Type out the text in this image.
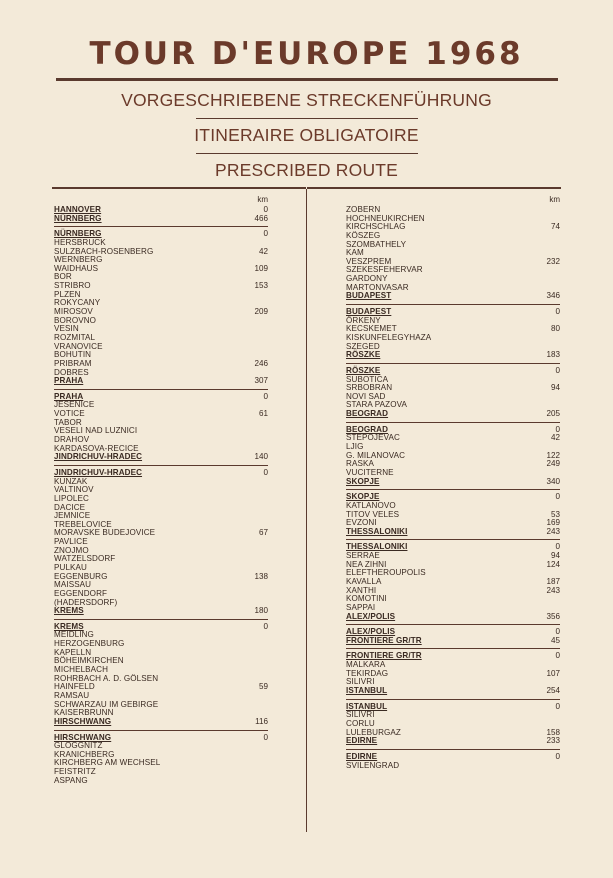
TOUR D'EUROPE 1968
VORGESCHRIEBENE STRECKENFÜHRUNG
ITINERAIRE OBLIGATOIRE
PRESCRIBED ROUTE
km
HANNOVER	0
NÜRNBERG	466
NÜRNBERG	0
HERSBRUCK
SULZBACH-ROSENBERG	42
WERNBERG
WAIDHAUS	109
BOR
STRIBRO	153
PLZEN
ROKYCANY
MIROSOV	209
BOROVNO
VESIN
ROZMITAL
VRANOVICE
BOHUTIN
PRIBRAM	246
DOBRES
PRAHA	307
PRAHA	0
JESENICE
VOTICE	61
TABOR
VESELI NAD LUZNICI
DRAHOV
KARDASOVA-RECICE
JINDRICHUV-HRADEC	140
JINDRICHUV-HRADEC	0
KUNZAK
VALTINOV
LIPOLEC
DACICE
JEMNICE
TREBELOVICE
MORAVSKE BUDEJOVICE	67
PAVLICE
ZNOJMO
WATZELSDORF
PULKAU
EGGENBURG	138
MAISSAU
EGGENDORF
(HADERSDORF)
KREMS	180
KREMS	0
MEIDLING
HERZOGENBURG
KAPELLN
BÖHEIMKIRCHEN
MICHELBACH
ROHRBACH A. D. GÖLSEN
HAINFELD	59
RAMSAU
SCHWARZAU IM GEBIRGE
KAISERBRUNN
HIRSCHWANG	116
HIRSCHWANG	0
GLOGGNITZ
KRANICHBERG
KIRCHBERG AM WECHSEL
FEISTRITZ
ASPANG
km
ZOBERN
HOCHNEUKIRCHEN
KIRCHSCHLAG	74
KÖSZEG
SZOMBATHELY
KAM
VESZPREM	232
SZEKESFEHERVAR
GARDONY
MARTONVASAR
BUDAPEST	346
BUDAPEST	0
ÖRKENY
KECSKEMET	80
KISKUNFELEGYHAZA
SZEGED
RÖSZKE	183
RÖSZKE	0
SUBOTICA
SRBOBRAN	94
NOVI SAD
STARA PAZOVA
BEOGRAD	205
BEOGRAD	0
STEPOJEVAC	42
LJIG
G. MILANOVAC	122
RASKA	249
VUCITERNE
SKOPJE	340
SKOPJE	0
KATLANOVO
TITOV VELES	53
EVZONI	169
THESSALONIKI	243
THESSALONIKI	0
SERRAE	94
NEA ZIHNI	124
ELEFTHEROUPOLIS
KAVALLA	187
XANTHI	243
KOMOTINI
SAPPAI
ALEX/POLIS	356
ALEX/POLIS	0
FRONTIERE GR/TR	45
FRONTIERE GR/TR	0
MALKARA
TEKIRDAG	107
SILIVRI
ISTANBUL	254
ISTANBUL	0
SILIVRI
CORLU
LULEBURGAZ	158
EDIRNE	233
EDIRNE	0
SVILENGRAD
